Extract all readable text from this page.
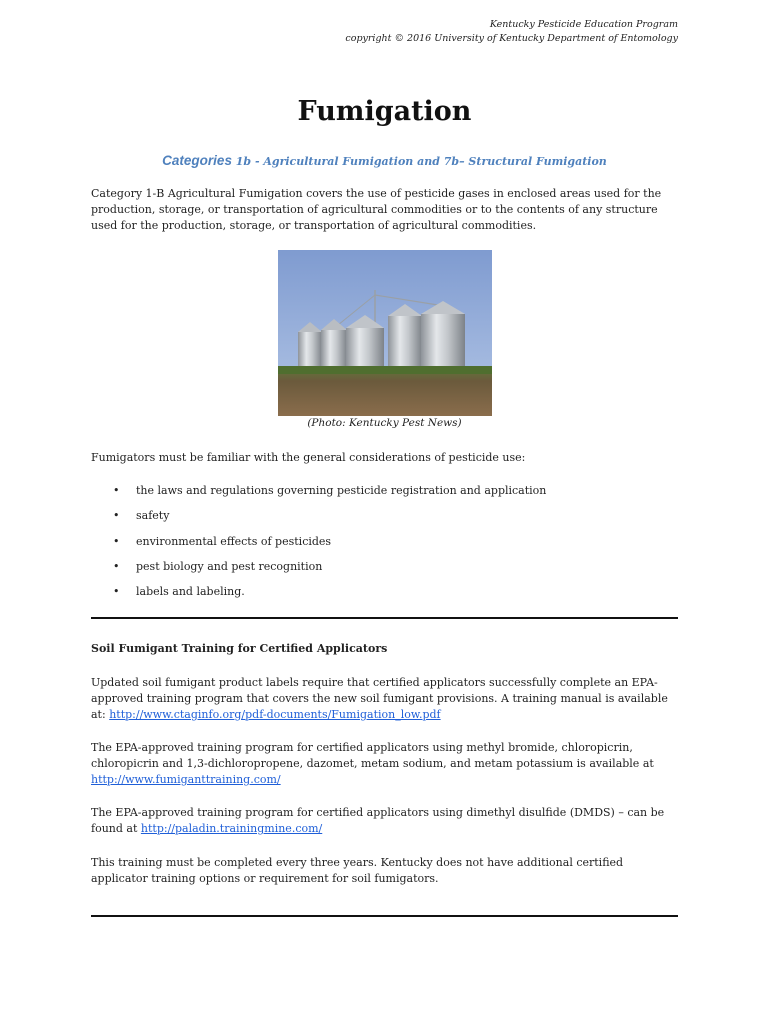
Kentucky Pesticide Education Program
copyright © 2016 University of Kentucky Department of Entomology
Fumigation
Categories 1b - Agricultural Fumigation and 7b– Structural Fumigation
Category 1-B Agricultural Fumigation covers the use of pesticide gases in enclosed areas used for the production, storage, or transportation of agricultural commodities or to the contents of any structure used for the production, storage, or transportation of agricultural commodities.
(Photo: Kentucky Pest News)
Fumigators must be familiar with the general considerations of pesticide use:
• the laws and regulations governing pesticide registration and application
• safety
• environmental effects of pesticides
• pest biology and pest recognition
• labels and labeling.
Soil Fumigant Training for Certified Applicators
Updated soil fumigant product labels require that certified applicators successfully complete an EPA-approved training program that covers the new soil fumigant provisions. A training manual is available at: http://www.ctaginfo.org/pdf-documents/Fumigation_low.pdf
The EPA-approved training program for certified applicators using methyl bromide, chloropicrin, chloropicrin and 1,3-dichloropropene, dazomet, metam sodium, and metam potassium is available at http://www.fumiganttraining.com/
The EPA-approved training program for certified applicators using dimethyl disulfide (DMDS) – can be found at http://paladin.trainingmine.com/
This training must be completed every three years. Kentucky does not have additional certified applicator training options or requirement for soil fumigators.
